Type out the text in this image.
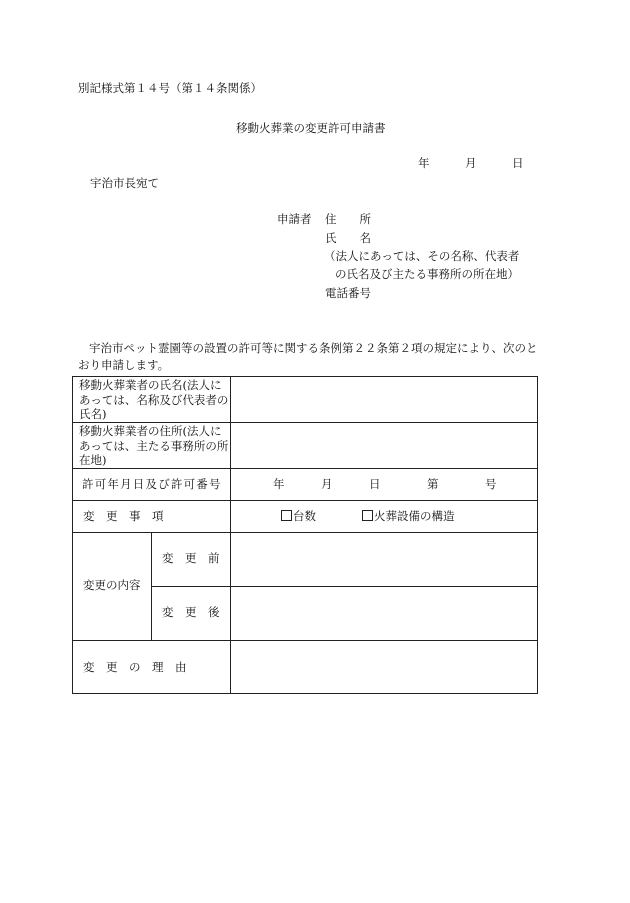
別記様式第１４号（第１４条関係）
移動火葬業の変更許可申請書
年	月	日
宇治市長宛て
申請者 住　　所
氏　　名
（法人にあっては、その名称、代表者
の氏名及び主たる事務所の所在地）
電話番号
宇治市ペット霊園等の設置の許可等に関する条例第２２条第２項の規定により、次のと
おり申請します。
移動火葬業者の氏名(法人に
あっては、名称及び代表者の
氏名)
移動火葬業者の住所(法人に
あっては、主たる事務所の所
在地)
許可年月日及び許可番号	年	月	日	第	号
変　更　事　項	台数	火葬設備の構造
変更の内容
変　更　前
変　更　後
変　更　の　理　由
